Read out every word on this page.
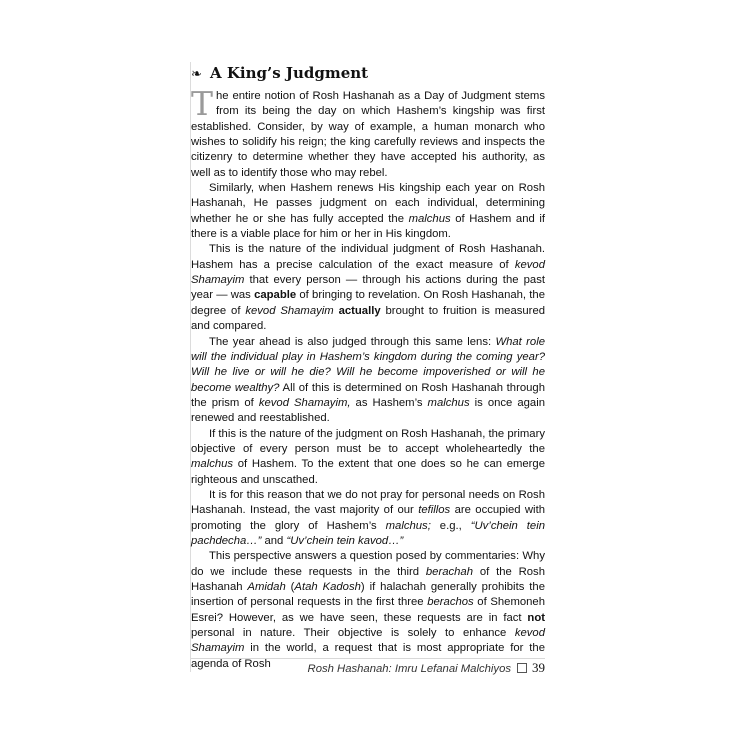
❧ A King’s Judgment

The entire notion of Rosh Hashanah as a Day of Judgment stems from its being the day on which Hashem’s kingship was first established. Consider, by way of example, a human monarch who wishes to solidify his reign; the king carefully reviews and inspects the citizenry to determine whether they have accepted his authority, as well as to identify those who may rebel.

Similarly, when Hashem renews His kingship each year on Rosh Hashanah, He passes judgment on each individual, determining whether he or she has fully accepted the malchus of Hashem and if there is a viable place for him or her in His kingdom.

This is the nature of the individual judgment of Rosh Hashanah. Hashem has a precise calculation of the exact measure of kevod Shamayim that every person — through his actions during the past year — was capable of bringing to revelation. On Rosh Hashanah, the degree of kevod Shamayim actually brought to fruition is measured and compared.

The year ahead is also judged through this same lens: What role will the individual play in Hashem’s kingdom during the coming year? Will he live or will he die? Will he become impoverished or will he become wealthy? All of this is determined on Rosh Hashanah through the prism of kevod Shamayim, as Hashem’s malchus is once again renewed and reestablished.

If this is the nature of the judgment on Rosh Hashanah, the primary objective of every person must be to accept wholeheartedly the malchus of Hashem. To the extent that one does so he can emerge righteous and unscathed.

It is for this reason that we do not pray for personal needs on Rosh Hashanah. Instead, the vast majority of our tefillos are occupied with promoting the glory of Hashem’s malchus; e.g., “Uv’chein tein pachdecha…” and “Uv’chein tein kavod…”

This perspective answers a question posed by commentaries: Why do we include these requests in the third berachah of the Rosh Hashanah Amidah (Atah Kadosh) if halachah generally prohibits the insertion of personal requests in the first three berachos of Shemoneh Esrei? However, as we have seen, these requests are in fact not personal in nature. Their objective is solely to enhance kevod Shamayim in the world, a request that is most appropriate for the agenda of Rosh	Rosh Hashanah: Imru Lefanai Malchiyos 39
